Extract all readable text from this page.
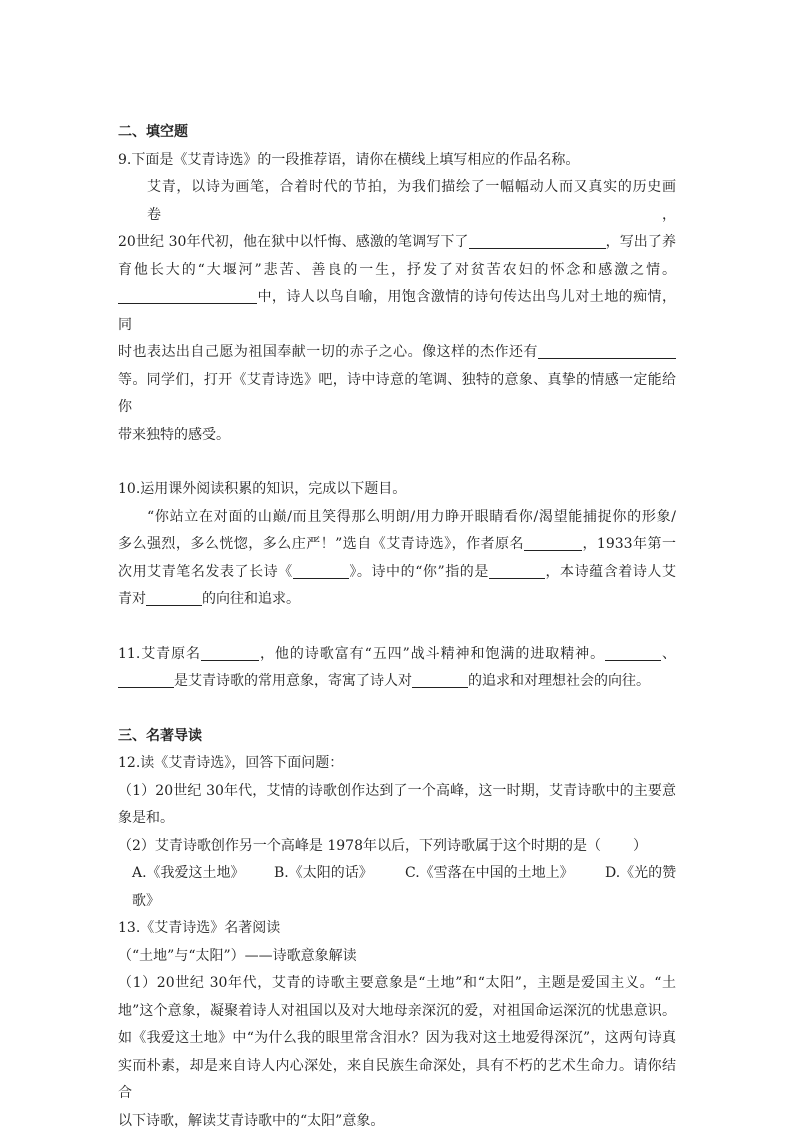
二、填空题

9.下面是《艾青诗选》的一段推荐语，请你在横线上填写相应的作品名称。

艾青，以诗为画笔，合着时代的节拍，为我们描绘了一幅幅动人而又真实的历史画卷，

20世纪 30年代初，他在狱中以忏悔、感激的笔调写下了	，写出了养

育他长大的“大堰河”悲苦、善良的一生，抒发了对贫苦农妇的怀念和感激之情。

中，诗人以鸟自喻，用饱含激情的诗句传达出鸟儿对土地的痴情，同

时也表达出自己愿为祖国奉献一切的赤子之心。像这样的杰作还有

等。同学们，打开《艾青诗选》吧，诗中诗意的笔调、独特的意象、真挚的情感一定能给你

带来独特的感受。

10.运用课外阅读积累的知识，完成以下题目。

“你站立在对面的山巅/而且笑得那么明朗/用力睁开眼睛看你/渴望能捕捉你的形象/

多么强烈，多么恍惚，多么庄严！”选自《艾青诗选》，作者原名	，1933年第一

次用艾青笔名发表了长诗《	》。诗中的“你”指的是	，本诗蕴含着诗人艾

青对	的向往和追求。

11.艾青原名	，他的诗歌富有“五四”战斗精神和饱满的进取精神。	、

是艾青诗歌的常用意象，寄寓了诗人对	的追求和对理想社会的向往。

三、名著导读

12.读《艾青诗选》，回答下面问题：

（1）20世纪 30年代，艾情的诗歌创作达到了一个高峰，这一时期，艾青诗歌中的主要意

象是和。

（2）艾青诗歌创作另一个高峰是 1978年以后，下列诗歌属于这个时期的是（ ）

A.《我爱这土地》 B.《太阳的话》 C.《雪落在中国的土地上》 D.《光的赞

歌》

13.《艾青诗选》名著阅读

（“土地”与“太阳”）——诗歌意象解读

（1）20世纪 30年代，艾青的诗歌主要意象是“土地”和“太阳”，主题是爱国主义。“土

地”这个意象，凝聚着诗人对祖国以及对大地母亲深沉的爱，对祖国命运深沉的忧患意识。

如《我爱这土地》中“为什么我的眼里常含泪水？因为我对这土地爱得深沉”，这两句诗真

实而朴素，却是来自诗人内心深处，来自民族生命深处，具有不朽的艺术生命力。请你结合

以下诗歌，解读艾青诗歌中的“太阳”意象。
